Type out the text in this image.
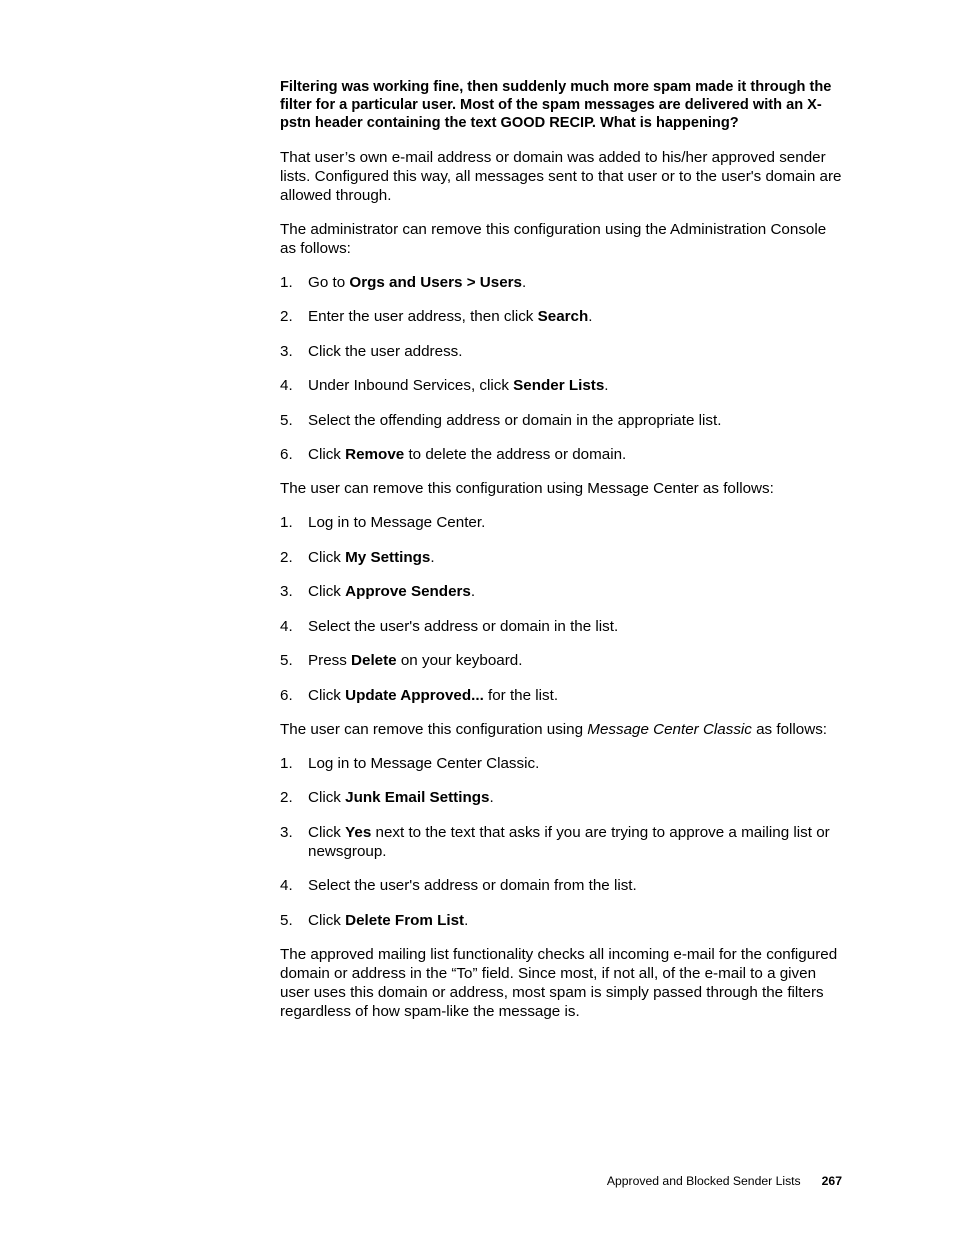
Filtering was working fine, then suddenly much more spam made it through the filter for a particular user. Most of the spam messages are delivered with an X-pstn header containing the text GOOD RECIP. What is happening?

That user’s own e-mail address or domain was added to his/her approved sender lists. Configured this way, all messages sent to that user or to the user's domain are allowed through.

The administrator can remove this configuration using the Administration Console as follows:

1. Go to Orgs and Users > Users.
2. Enter the user address, then click Search.
3. Click the user address.
4. Under Inbound Services, click Sender Lists.
5. Select the offending address or domain in the appropriate list.
6. Click Remove to delete the address or domain.

The user can remove this configuration using Message Center as follows:

1. Log in to Message Center.
2. Click My Settings.
3. Click Approve Senders.
4. Select the user's address or domain in the list.
5. Press Delete on your keyboard.
6. Click Update Approved... for the list.

The user can remove this configuration using Message Center Classic as follows:

1. Log in to Message Center Classic.
2. Click Junk Email Settings.
3. Click Yes next to the text that asks if you are trying to approve a mailing list or newsgroup.
4. Select the user's address or domain from the list.
5. Click Delete From List.

The approved mailing list functionality checks all incoming e-mail for the configured domain or address in the “To” field. Since most, if not all, of the e-mail to a given user uses this domain or address, most spam is simply passed through the filters regardless of how spam-like the message is.

Approved and Blocked Sender Lists 267
